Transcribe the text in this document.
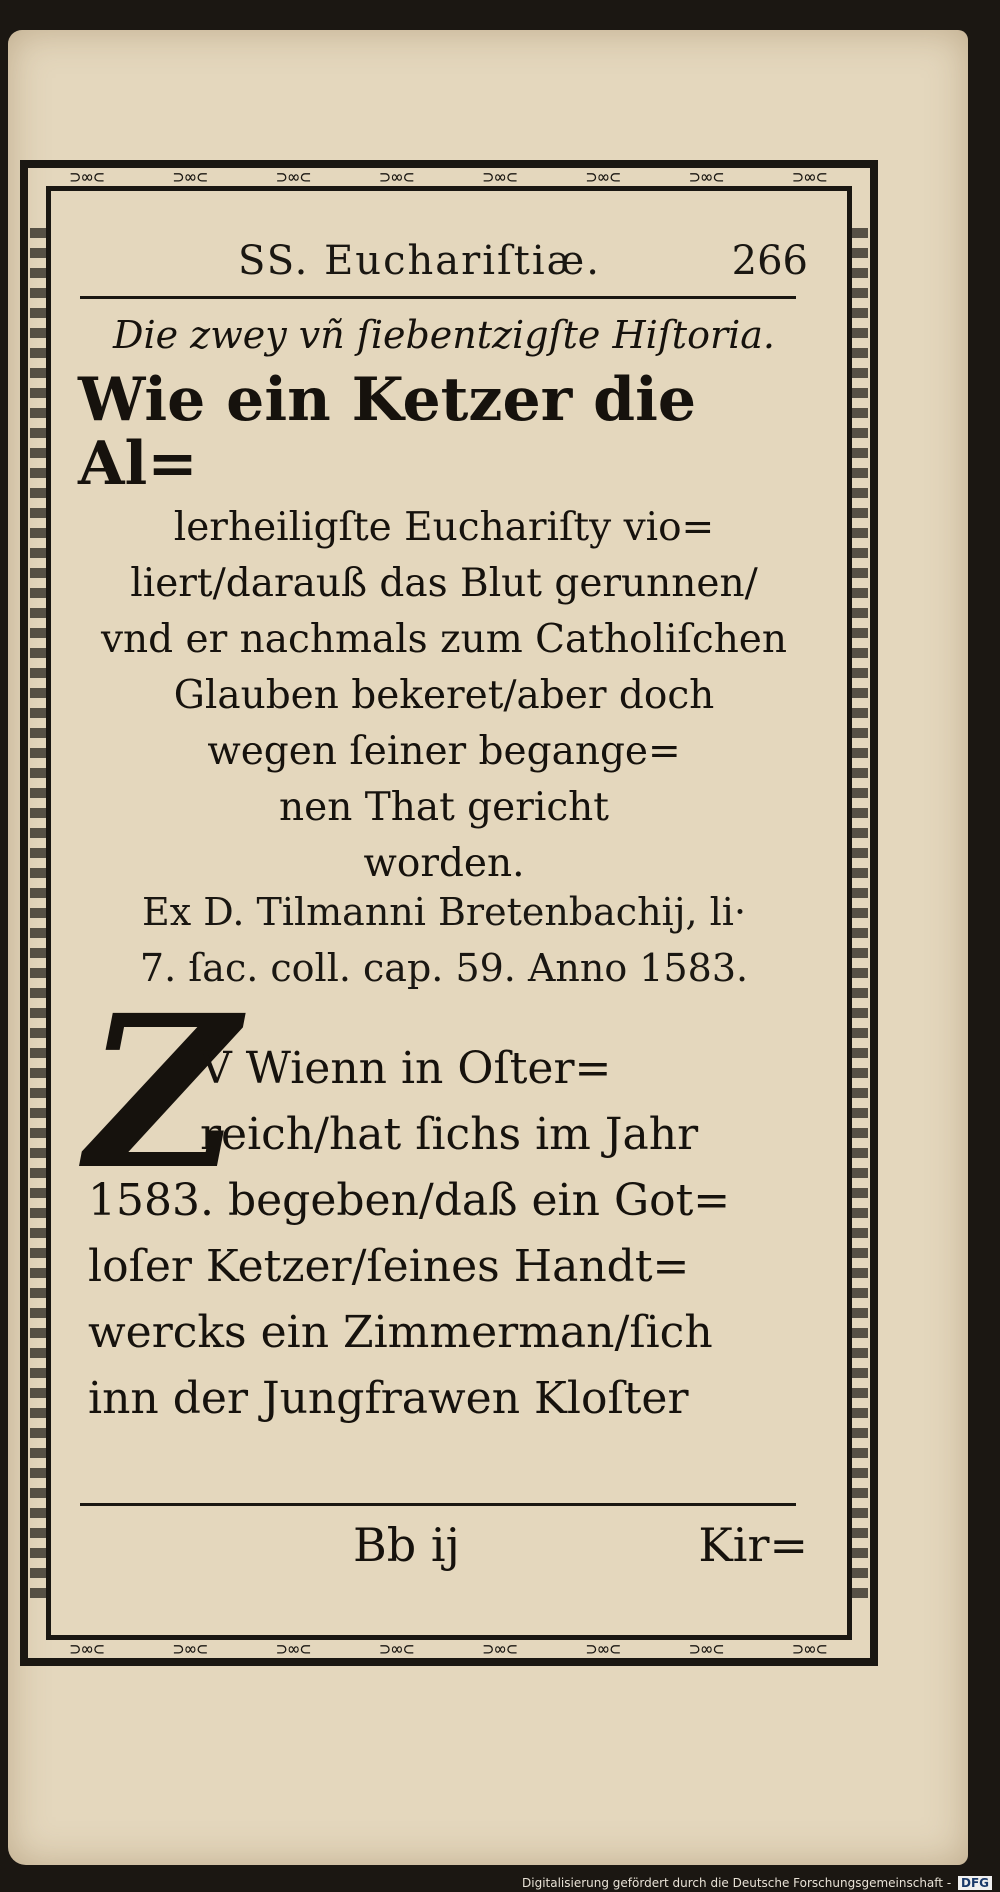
⊃∞⊂	⊃∞⊂	⊃∞⊂	⊃∞⊂	⊃∞⊂	⊃∞⊂	⊃∞⊂	⊃∞⊂
⊃∞⊂	⊃∞⊂	⊃∞⊂	⊃∞⊂	⊃∞⊂	⊃∞⊂	⊃∞⊂	⊃∞⊂
SS. Euchariſtiæ.	266

Die zwey vñ ſiebentzigſte Hiſtoria.

Wie ein Ketzer die Al=

lerheiligſte Euchariſty vio=

liert/darauß das Blut gerunnen/

vnd er nachmals zum Catholiſchen

Glauben bekeret/aber doch

wegen ſeiner begange=

nen That gericht

worden.

Ex D. Tilmanni Bretenbachij, li·
7. ſac. coll. cap. 59. Anno 1583.
Z

V Wienn in Oſter=

reich/hat ſichs im Jahr

1583. begeben/daß ein Got=

loſer Ketzer/ſeines Handt=

wercks ein Zimmerman/ſich

inn der Jungfrawen Kloſter

Bb ij	Kir=
Digitalisierung gefördert durch die Deutsche Forschungsgemeinschaft - DFG
